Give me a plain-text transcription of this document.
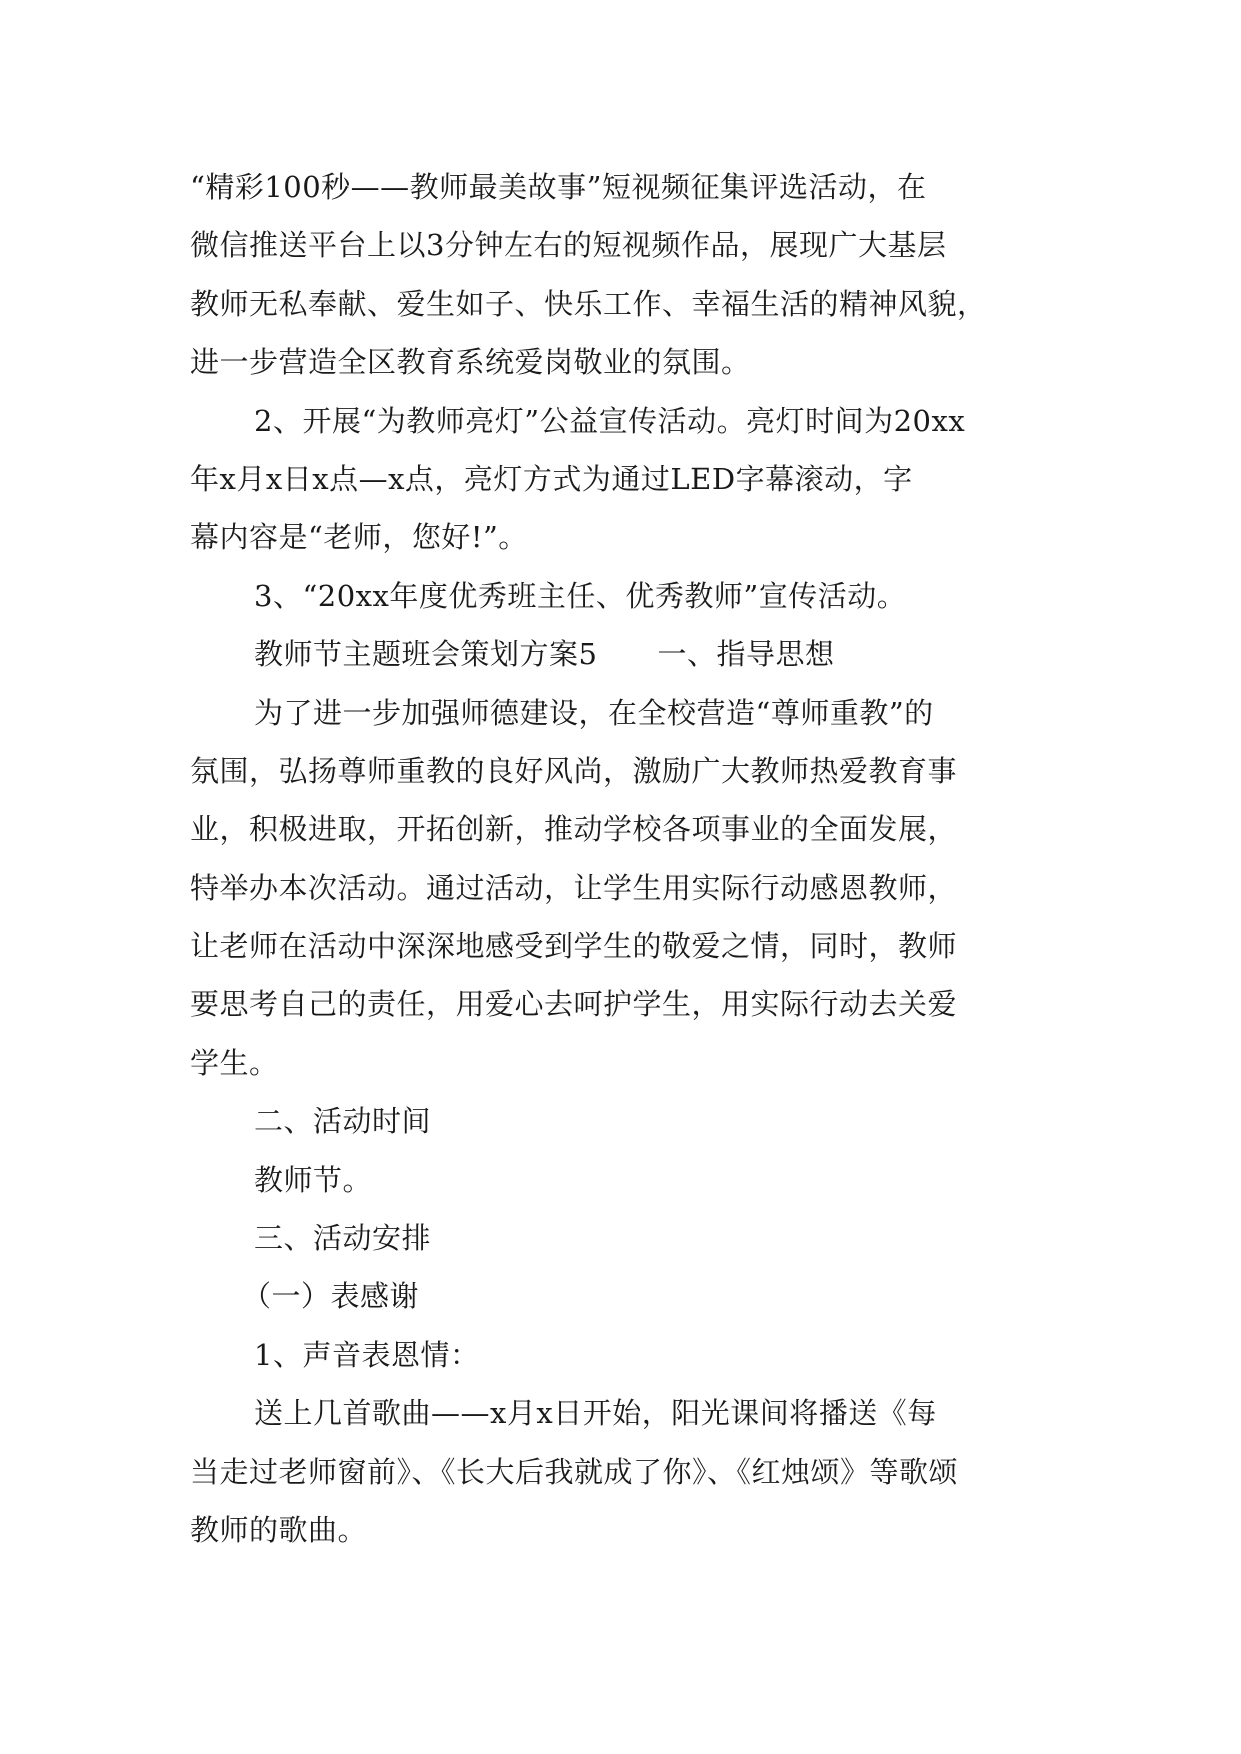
“精彩100秒——教师最美故事”短视频征集评选活动，在
微信推送平台上以3分钟左右的短视频作品，展现广大基层
教师无私奉献、爱生如子、快乐工作、幸福生活的精神风貌，
进一步营造全区教育系统爱岗敬业的氛围。
2、开展“为教师亮灯”公益宣传活动。亮灯时间为20xx
年x月x日x点—x点，亮灯方式为通过LED字幕滚动，字
幕内容是“老师，您好!”。
3、“20xx年度优秀班主任、优秀教师”宣传活动。
教师节主题班会策划方案5 一、指导思想
为了进一步加强师德建设，在全校营造“尊师重教”的
氛围，弘扬尊师重教的良好风尚，激励广大教师热爱教育事
业，积极进取，开拓创新，推动学校各项事业的全面发展，
特举办本次活动。通过活动，让学生用实际行动感恩教师，
让老师在活动中深深地感受到学生的敬爱之情，同时，教师
要思考自己的责任，用爱心去呵护学生，用实际行动去关爱
学生。
二、活动时间
教师节。
三、活动安排
（一）表感谢
1、声音表恩情：
送上几首歌曲——x月x日开始，阳光课间将播送《每
当走过老师窗前》、《长大后我就成了你》、《红烛颂》等歌颂
教师的歌曲。
